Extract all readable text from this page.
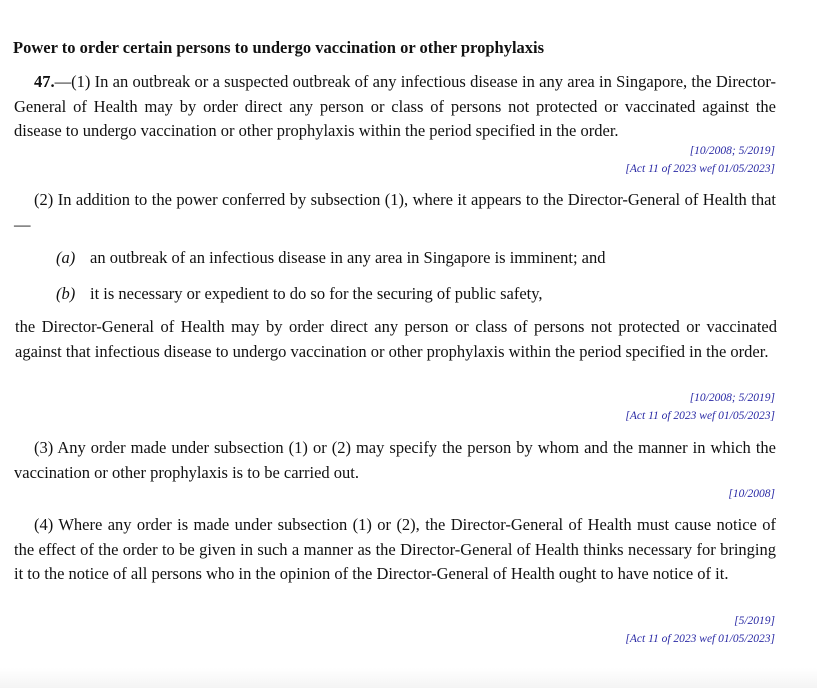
Power to order certain persons to undergo vaccination or other prophylaxis

47.—(1) In an outbreak or a suspected outbreak of any infectious disease in any area in Singapore, the Director-General of Health may by order direct any person or class of persons not protected or vaccinated against the disease to undergo vaccination or other prophylaxis within the period specified in the order.

[10/2008; 5/2019]
[Act 11 of 2023 wef 01/05/2023]

(2) In addition to the power conferred by subsection (1), where it appears to the Director-General of Health that —

(a) an outbreak of an infectious disease in any area in Singapore is imminent; and
(b) it is necessary or expedient to do so for the securing of public safety,

the Director-General of Health may by order direct any person or class of persons not protected or vaccinated against that infectious disease to undergo vaccination or other prophylaxis within the period specified in the order.

[10/2008; 5/2019]
[Act 11 of 2023 wef 01/05/2023]

(3) Any order made under subsection (1) or (2) may specify the person by whom and the manner in which the vaccination or other prophylaxis is to be carried out.

[10/2008]

(4) Where any order is made under subsection (1) or (2), the Director-General of Health must cause notice of the effect of the order to be given in such a manner as the Director-General of Health thinks necessary for bringing it to the notice of all persons who in the opinion of the Director-General of Health ought to have notice of it.

[5/2019]
[Act 11 of 2023 wef 01/05/2023]
